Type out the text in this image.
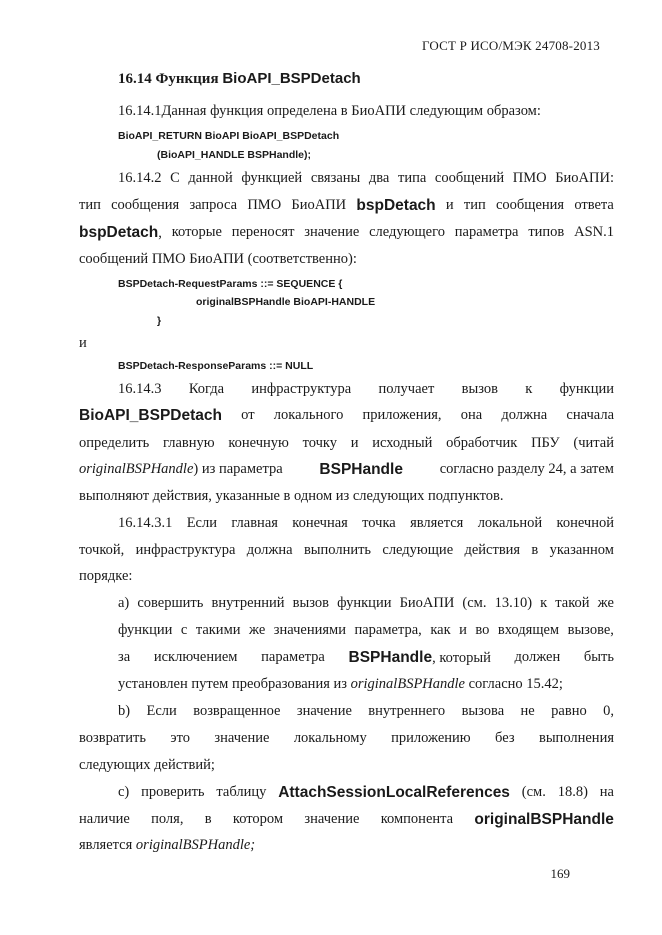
ГОСТ Р ИСО/МЭК 24708-2013
16.14 Функция BioAPI_BSPDetach
16.14.1Данная функция определена в БиоАПИ следующим образом:
BioAPI_RETURN BioAPI BioAPI_BSPDetach
(BioAPI_HANDLE BSPHandle);
16.14.2 С данной функцией связаны два типа сообщений ПМО БиоАПИ:
тип сообщения запроса ПМО БиоАПИ bspDetach и тип сообщения ответа
bspDetach, которые переносят значение следующего параметра типов ASN.1
сообщений ПМО БиоАПИ (соответственно):
BSPDetach-RequestParams ::= SEQUENCE {
originalBSPHandle BioAPI-HANDLE
}
и
BSPDetach-ResponseParams ::= NULL
16.14.3 Когда инфраструктура получает вызов к функции
BioAPI_BSPDetach от локального приложения, она должна сначала
определить главную конечную точку и исходный обработчик ПБУ (читай
originalBSPHandle) из параметра BSPHandle	согласно разделу 24, а затем
выполняют действия, указанные в одном из следующих подпунктов.
16.14.3.1 Если главная конечная точка является локальной конечной
точкой, инфраструктура должна выполнить следующие действия в указанном
порядке:
а) совершить внутренний вызов функции БиоАПИ (см. 13.10) к такой же
функции с такими же значениями параметра, как и во входящем вызове,
за исключением параметра BSPHandle, который должен быть
установлен путем преобразования из originalBSPHandle согласно 15.42;
b) Если возвращенное значение внутреннего вызова не равно 0,
возвратить это значение локальному приложению без выполнения
следующих действий;
с) проверить таблицу AttachSessionLocalReferences (см. 18.8) на
наличие поля, в котором значение компонента originalBSPHandle
является originalBSPHandle;
169
